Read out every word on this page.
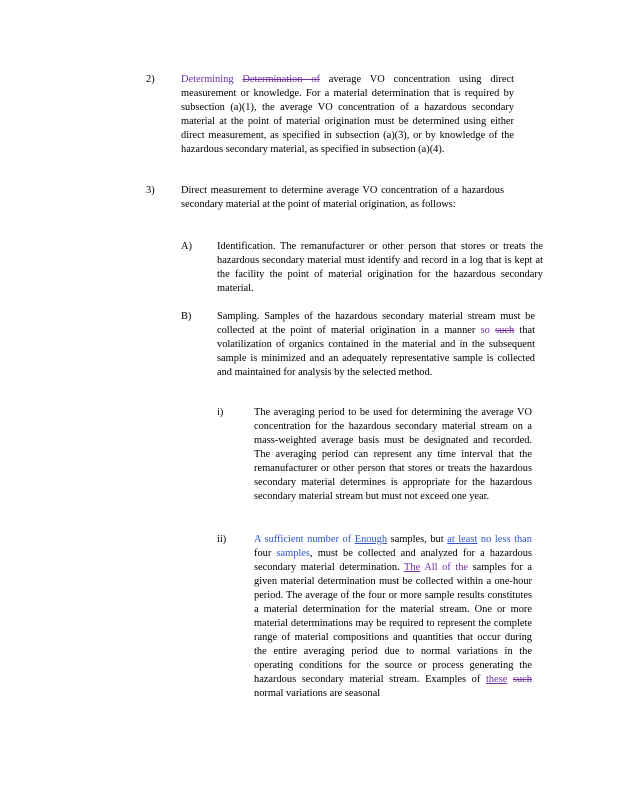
2)	Determining Determination of average VO concentration using direct measurement or knowledge. For a material determination that is required by subsection (a)(1), the average VO concentration of a hazardous secondary material at the point of material origination must be determined using either direct measurement, as specified in subsection (a)(3), or by knowledge of the hazardous secondary material, as specified in subsection (a)(4).
3)	Direct measurement to determine average VO concentration of a hazardous secondary material at the point of material origination, as follows:
A) Identification. The remanufacturer or other person that stores or treats the hazardous secondary material must identify and record in a log that is kept at the facility the point of material origination for the hazardous secondary material.
B) Sampling. Samples of the hazardous secondary material stream must be collected at the point of material origination in a manner so such that volatilization of organics contained in the material and in the subsequent sample is minimized and an adequately representative sample is collected and maintained for analysis by the selected method.
i)	The averaging period to be used for determining the average VO concentration for the hazardous secondary material stream on a mass-weighted average basis must be designated and recorded. The averaging period can represent any time interval that the remanufacturer or other person that stores or treats the hazardous secondary material determines is appropriate for the hazardous secondary material stream but must not exceed one year.
ii)	A sufficient number of Enough samples, but at least no less than four samples, must be collected and analyzed for a hazardous secondary material determination. The All of the samples for a given material determination must be collected within a one-hour period. The average of the four or more sample results constitutes a material determination for the material stream. One or more material determinations may be required to represent the complete range of material compositions and quantities that occur during the entire averaging period due to normal variations in the operating conditions for the source or process generating the hazardous secondary material stream. Examples of these such normal variations are seasonal
